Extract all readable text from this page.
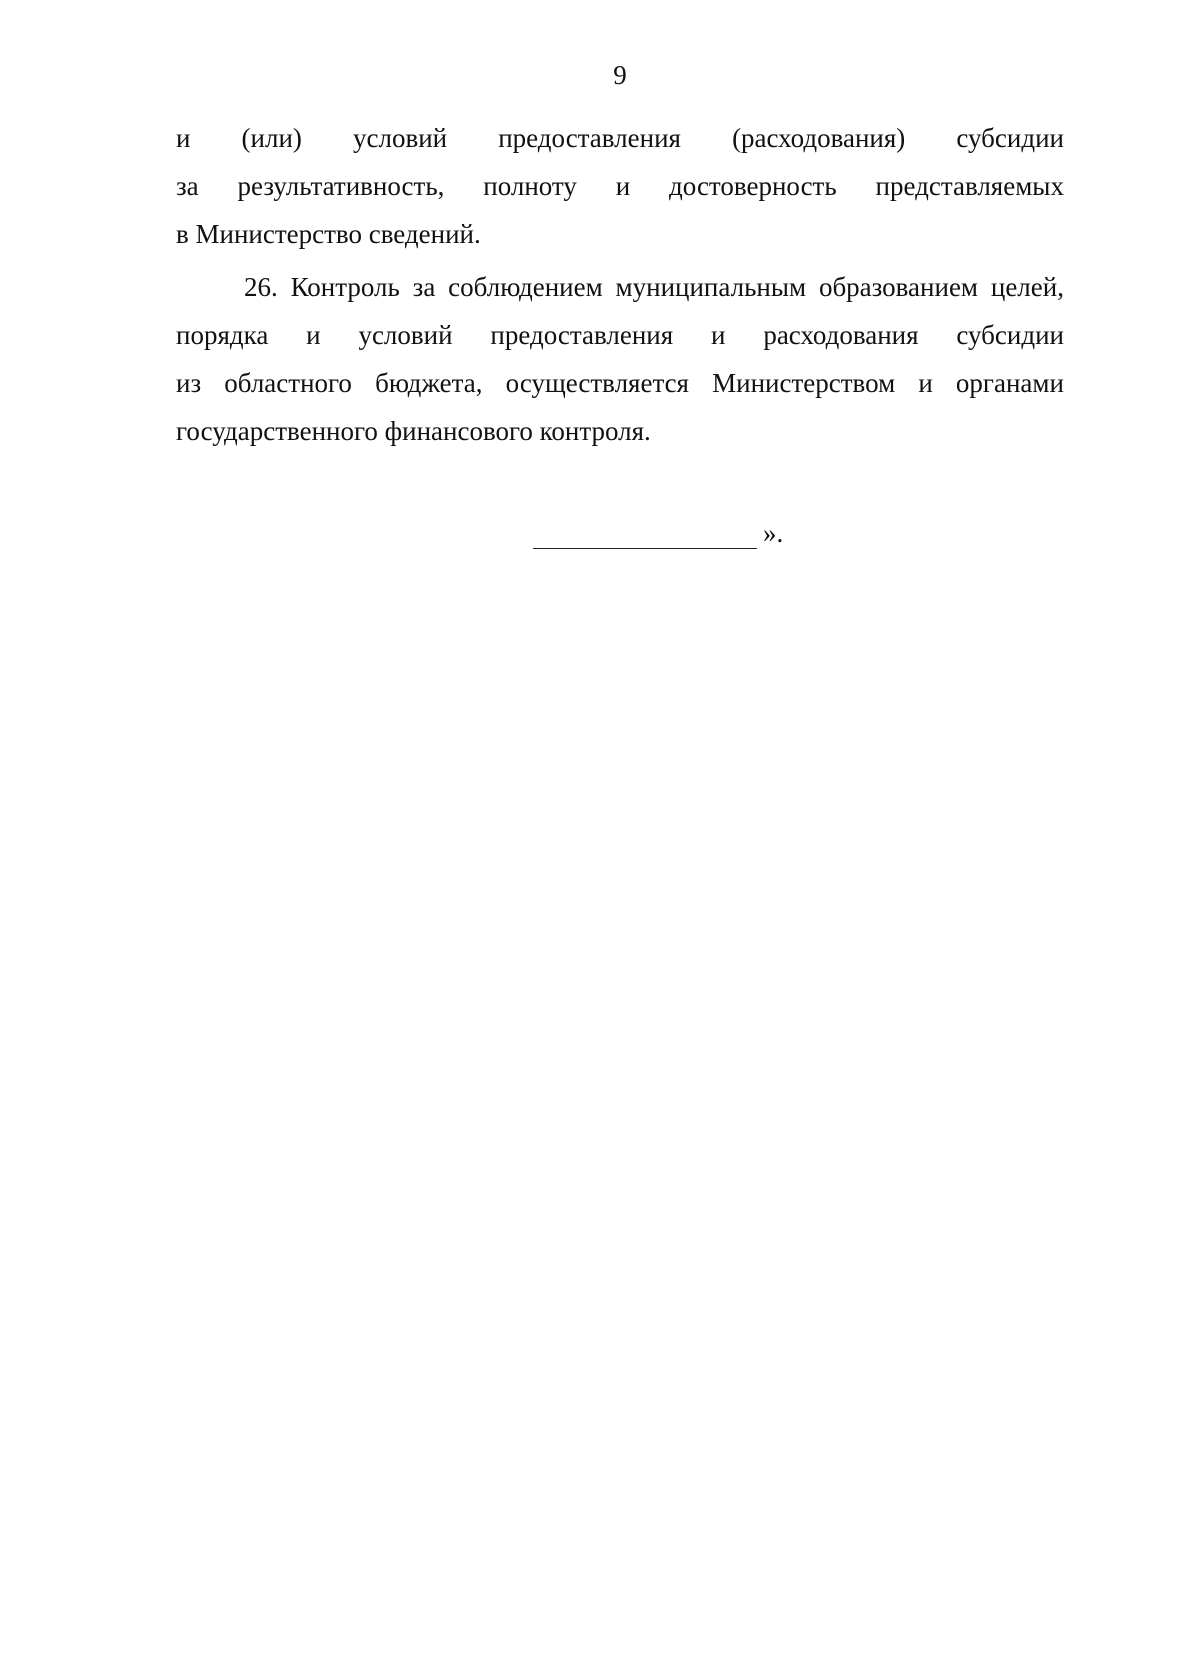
9
и (или) условий предоставления (расходования) субсидии
за результативность, полноту и достоверность представляемых
в Министерство сведений.
26. Контроль за соблюдением муниципальным образованием целей,
порядка и условий предоставления и расходования субсидии
из областного бюджета, осуществляется Министерством и органами
государственного финансового контроля.
».
